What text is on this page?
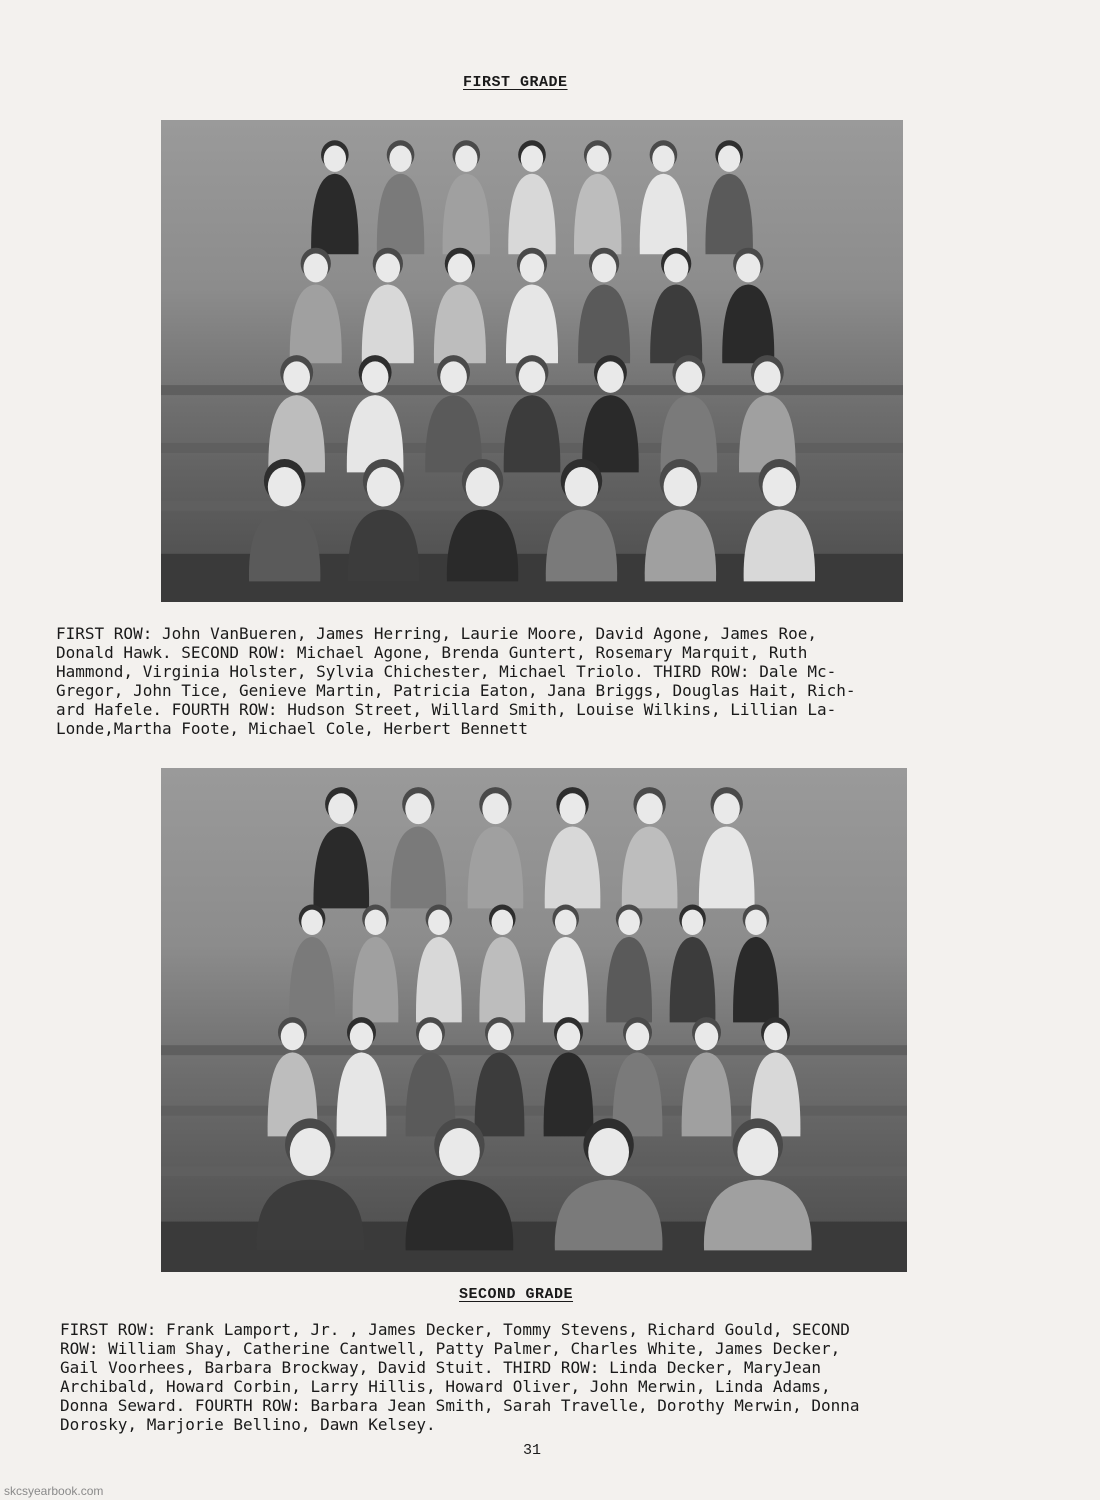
FIRST GRADE
FIRST ROW: John VanBueren, James Herring, Laurie Moore, David Agone, James Roe,
Donald Hawk. SECOND ROW: Michael Agone, Brenda Guntert, Rosemary Marquit, Ruth
Hammond, Virginia Holster, Sylvia Chichester, Michael Triolo. THIRD ROW: Dale Mc-
Gregor, John Tice, Genieve Martin, Patricia Eaton, Jana Briggs, Douglas Hait, Rich-
ard Hafele. FOURTH ROW: Hudson Street, Willard Smith, Louise Wilkins, Lillian La-
Londe,Martha Foote, Michael Cole, Herbert Bennett
SECOND GRADE
FIRST ROW: Frank Lamport, Jr. , James Decker, Tommy Stevens, Richard Gould, SECOND
ROW: William Shay, Catherine Cantwell, Patty Palmer, Charles White, James Decker,
Gail Voorhees, Barbara Brockway, David Stuit. THIRD ROW: Linda Decker, MaryJean
Archibald, Howard Corbin, Larry Hillis, Howard Oliver, John Merwin, Linda Adams,
Donna Seward. FOURTH ROW: Barbara Jean Smith, Sarah Travelle, Dorothy Merwin, Donna
Dorosky, Marjorie Bellino, Dawn Kelsey.
31
skcsyearbook.com
